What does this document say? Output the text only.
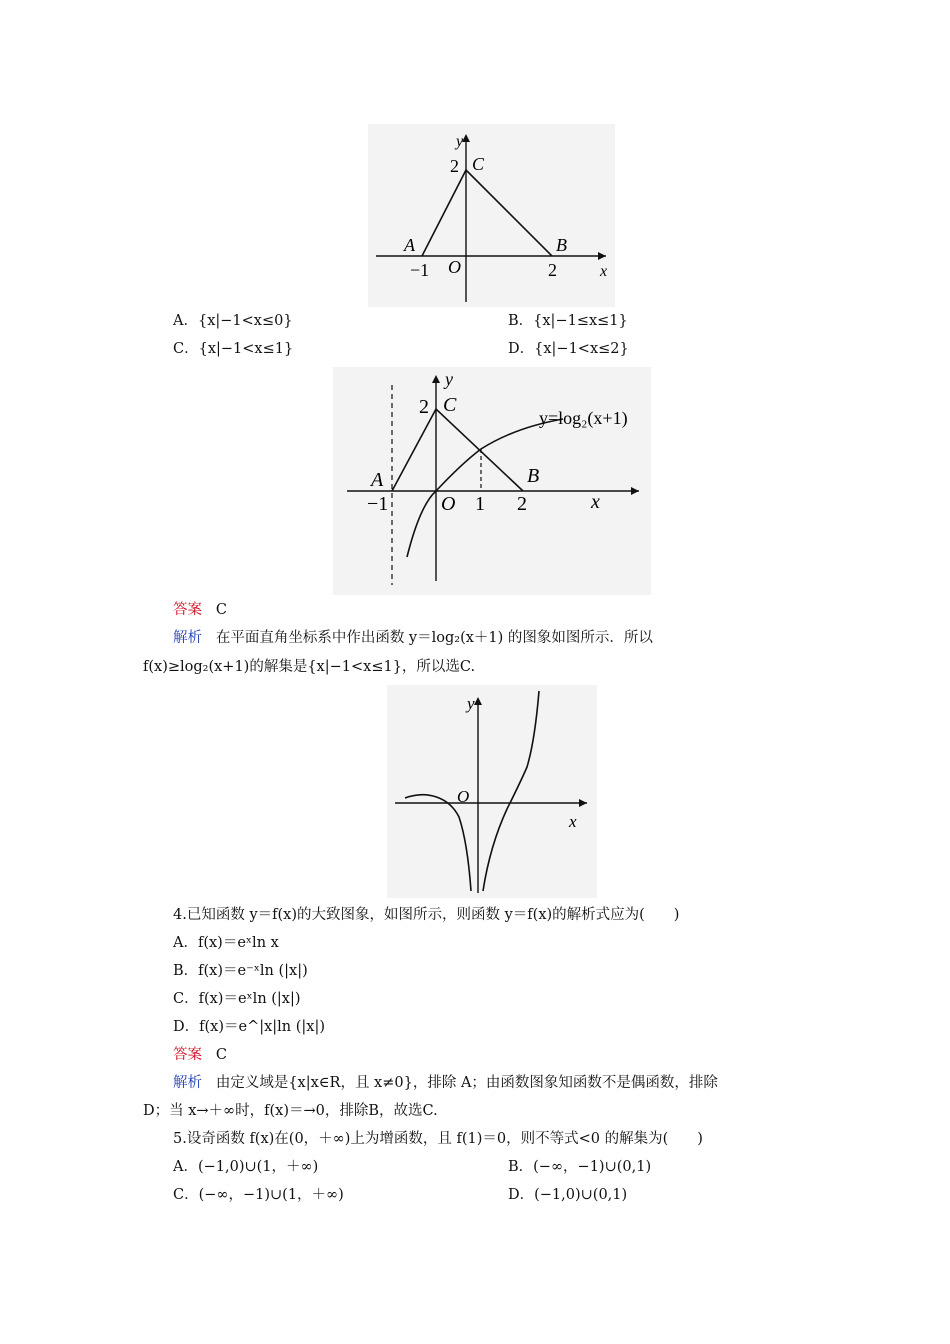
y
2 C
A	B
−1 O	2	x
A．{x|−1<x≤0}	B．{x|−1≤x≤1}
C．{x|−1<x≤1}	D．{x|−1<x≤2}
y
2 C
y=log₂(x+1)
A	B
−1	O 1 2	x
答案 C
解析 在平面直角坐标系中作出函数 y＝log₂(x＋1) 的图象如图所示．所以
f(x)≥log₂(x+1)的解集是{x|−1<x≤1}，所以选C.
y
O
x
4.已知函数 y＝f(x)的大致图象，如图所示，则函数 y＝f(x)的解析式应为(　　)
A．f(x)＝eˣln x
B．f(x)＝e⁻ˣln (|x|)
C．f(x)＝eˣln (|x|)
D．f(x)＝e^|x|ln (|x|)
答案 C
解析 由定义域是{x|x∈R，且 x≠0}，排除 A；由函数图象知函数不是偶函数，排除
D；当 x→＋∞时，f(x)＝→0，排除B，故选C.
5.设奇函数 f(x)在(0，＋∞)上为增函数，且 f(1)＝0，则不等式<0 的解集为(　　)
A．(−1,0)∪(1，＋∞)	B．(−∞，−1)∪(0,1)
C．(−∞，−1)∪(1，＋∞)	D．(−1,0)∪(0,1)
